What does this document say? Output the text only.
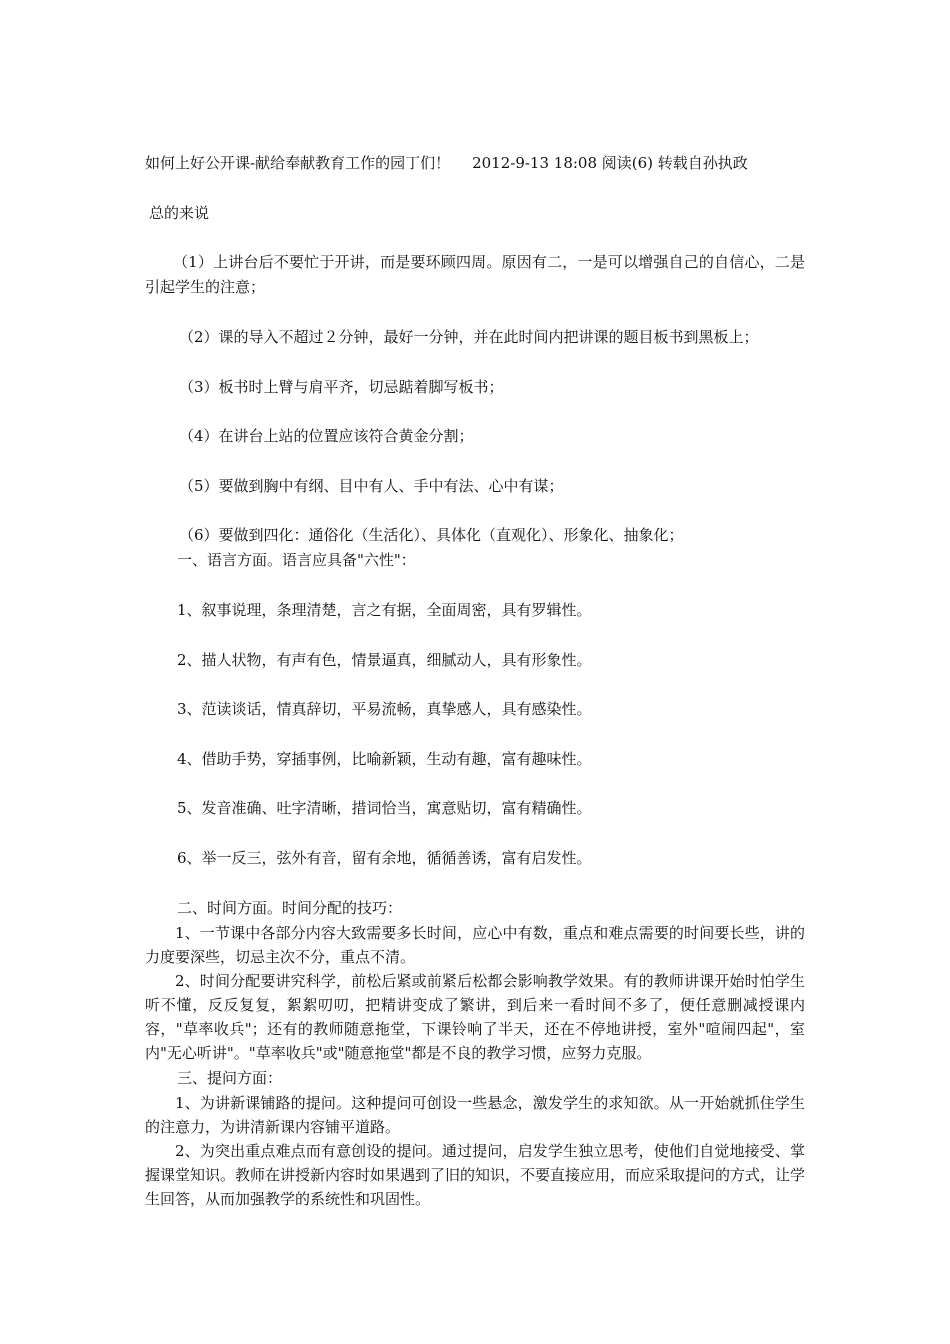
如何上好公开课-献给奉献教育工作的园丁们！ 2012-9-13 18:08 阅读(6) 转载自孙执政
总的来说
（1）上讲台后不要忙于开讲，而是要环顾四周。原因有二，一是可以增强自己的自信心，二是引起学生的注意；
（2）课的导入不超过２分钟，最好一分钟，并在此时间内把讲课的题目板书到黑板上；
（3）板书时上臂与肩平齐，切忌踮着脚写板书；
（4）在讲台上站的位置应该符合黄金分割；
（5）要做到胸中有纲、目中有人、手中有法、心中有谋；
（6）要做到四化：通俗化（生活化）、具体化（直观化）、形象化、抽象化；
一、语言方面。语言应具备"六性"：
1、叙事说理，条理清楚，言之有据，全面周密，具有罗辑性。
2、描人状物，有声有色，情景逼真，细腻动人，具有形象性。
3、范读谈话，情真辞切，平易流畅，真挚感人，具有感染性。
4、借助手势，穿插事例，比喻新颖，生动有趣，富有趣味性。
5、发音准确、吐字清晰，措词恰当，寓意贴切，富有精确性。
6、举一反三，弦外有音，留有余地，循循善诱，富有启发性。
二、时间方面。时间分配的技巧：
1、一节课中各部分内容大致需要多长时间，应心中有数，重点和难点需要的时间要长些，讲的力度要深些，切忌主次不分，重点不清。
2、时间分配要讲究科学，前松后紧或前紧后松都会影响教学效果。有的教师讲课开始时怕学生听不懂，反反复复，絮絮叨叨，把精讲变成了繁讲，到后来一看时间不多了，便任意删减授课内容，"草率收兵"；还有的教师随意拖堂，下课铃响了半天，还在不停地讲授，室外"喧闹四起"，室内"无心听讲"。"草率收兵"或"随意拖堂"都是不良的教学习惯，应努力克服。
三、提问方面：
1、为讲新课铺路的提问。这种提问可创设一些悬念，激发学生的求知欲。从一开始就抓住学生的注意力，为讲清新课内容铺平道路。
2、为突出重点难点而有意创设的提问。通过提问，启发学生独立思考，使他们自觉地接受、掌握课堂知识。教师在讲授新内容时如果遇到了旧的知识，不要直接应用，而应采取提问的方式，让学生回答，从而加强教学的系统性和巩固性。
